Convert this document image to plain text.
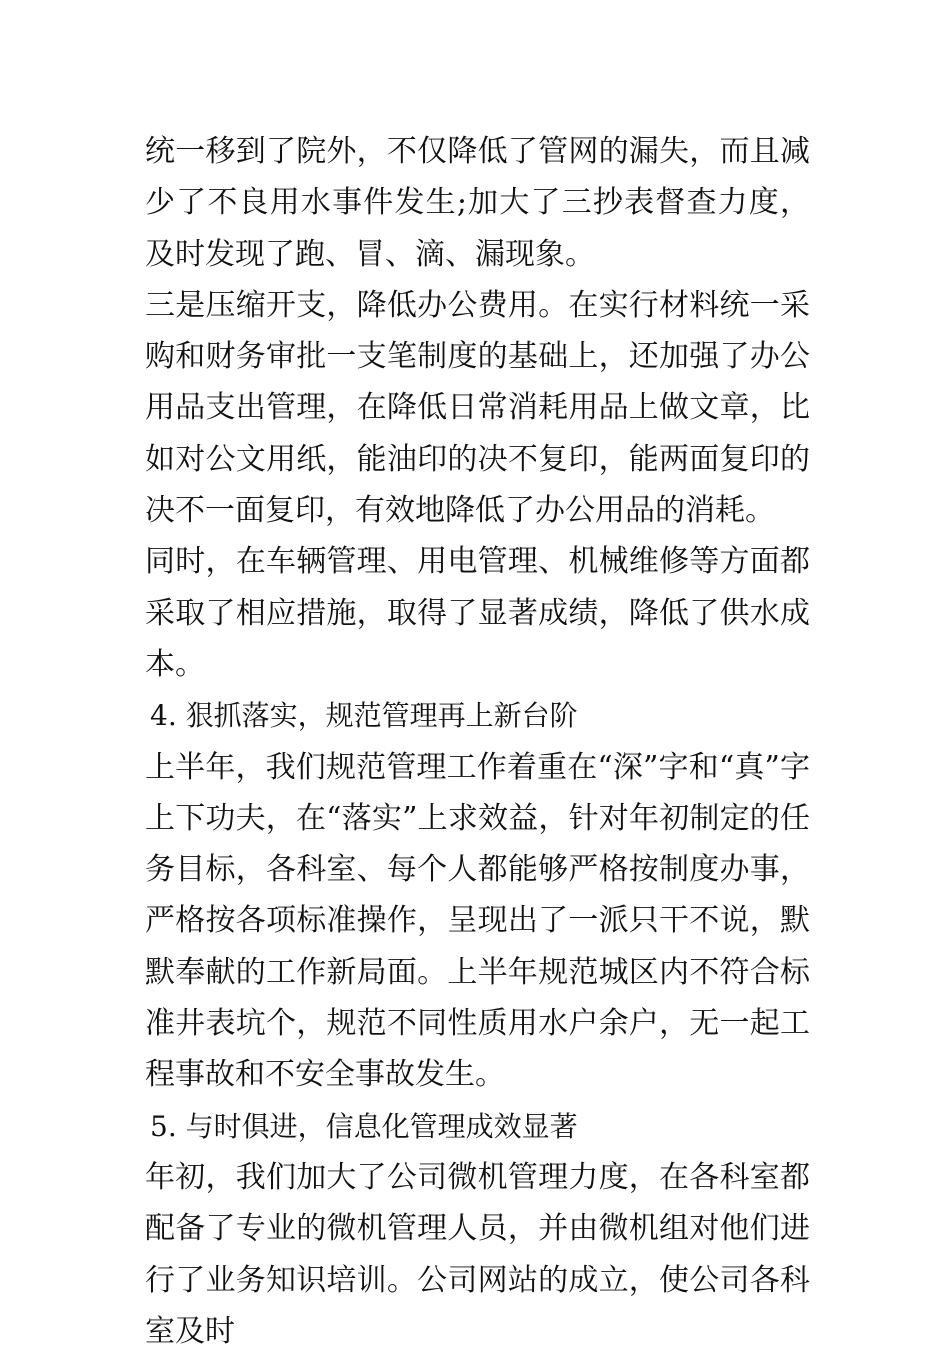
统一移到了院外，不仅降低了管网的漏失，而且减少了不良用水事件发生;加大了三抄表督查力度，及时发现了跑、冒、滴、漏现象。

三是压缩开支，降低办公费用。在实行材料统一采购和财务审批一支笔制度的基础上，还加强了办公用品支出管理，在降低日常消耗用品上做文章，比如对公文用纸，能油印的决不复印，能两面复印的决不一面复印，有效地降低了办公用品的消耗。

同时，在车辆管理、用电管理、机械维修等方面都采取了相应措施，取得了显著成绩，降低了供水成本。

4. 狠抓落实，规范管理再上新台阶

上半年，我们规范管理工作着重在“深”字和“真”字上下功夫，在“落实”上求效益，针对年初制定的任务目标，各科室、每个人都能够严格按制度办事，严格按各项标准操作，呈现出了一派只干不说，默默奉献的工作新局面。上半年规范城区内不符合标准井表坑个，规范不同性质用水户余户，无一起工程事故和不安全事故发生。

5. 与时俱进，信息化管理成效显著

年初，我们加大了公司微机管理力度，在各科室都配备了专业的微机管理人员，并由微机组对他们进行了业务知识培训。公司网站的成立，使公司各科室及时
